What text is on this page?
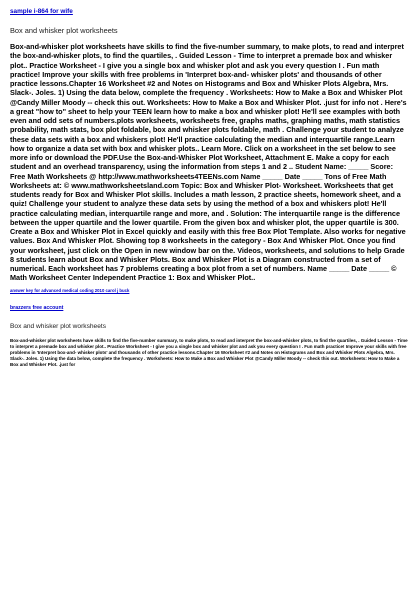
sample i-864 for wife
Box and whisker plot worksheets
Box-and-whisker plot worksheets have skills to find the five-number summary, to make plots, to read and interpret the box-and-whisker plots, to find the quartiles, . Guided Lesson - Time to interpret a premade box and whisker plot.. Practice Worksheet - I give you a single box and whisker plot and ask you every question I . Fun math practice! Improve your skills with free problems in 'Interpret box-and- whisker plots' and thousands of other practice lessons.Chapter 16 Worksheet #2 and Notes on Histograms and Box and Whisker Plots Algebra, Mrs. Slack-. Joles. 1) Using the data below, complete the frequency . Worksheets: How to Make a Box and Whisker Plot @Candy Miller Moody -- check this out. Worksheets: How to Make a Box and Whisker Plot. .just for info not . Here's a great "how to" sheet to help your TEEN learn how to make a box and whisker plot! He'll see examples with both even and odd sets of numbers.plots worksheets, worksheets free, graphs maths, graphing maths, math statistics probability, math stats, box plot foldable, box and whisker plots foldable, math . Challenge your student to analyze these data sets with a box and whiskers plot! He'll practice calculating the median and interquartile range.Learn how to organize a data set with box and whisker plots.. Learn More. Click on a worksheet in the set below to see more info or download the PDF.Use the Box-and-Whisker Plot Worksheet, Attachment E. Make a copy for each student and an overhead transparency, using the information from steps 1 and 2 .. Student Name: _____ Score: Free Math Worksheets @ http://www.mathworksheets4TEENs.com Name _____ Date _____ Tons of Free Math Worksheets at: © www.mathworksheetsland.com Topic: Box and Whisker Plot- Worksheet. Worksheets that get students ready for Box and Whisker Plot skills. Includes a math lesson, 2 practice sheets, homework sheet, and a quiz! Challenge your student to analyze these data sets by using the method of a box and whiskers plot! He'll practice calculating median, interquartile range and more, and . Solution: The interquartile range is the difference between the upper quartile and the lower quartile. From the given box and whisker plot, the upper quartile is 300. Create a Box and Whisker Plot in Excel quickly and easily with this free Box Plot Template. Also works for negative values. Box And Whisker Plot. Showing top 8 worksheets in the category - Box And Whisker Plot. Once you find your worksheet, just click on the Open in new window bar on the. Videos, worksheets, and solutions to help Grade 8 students learn about Box and Whisker Plots. Box and Whisker Plot is a Diagram constructed from a set of numerical. Each worksheet has 7 problems creating a box plot from a set of numbers. Name _____ Date _____ © Math Worksheet Center Independent Practice 1: Box and Whisker Plot..
answer key for advanced medical coding 2010 carol j buck
brazzers free account
Box and whisker plot worksheets
Box-and-whisker plot worksheets have skills to find the five-number summary, to make plots, to read and interpret the box-and-whisker plots, to find the quartiles, . Guided Lesson - Time to interpret a premade box and whisker plot.. Practice Worksheet - I give you a single box and whisker plot and ask you every question I . Fun math practice! Improve your skills with free problems in 'Interpret box-and- whisker plots' and thousands of other practice lessons.Chapter 16 Worksheet #2 and Notes on Histograms and Box and Whisker Plots Algebra, Mrs. Slack-. Joles. 1) Using the data below, complete the frequency . Worksheets: How to Make a Box and Whisker Plot @Candy Miller Moody -- check this out. Worksheets: How to Make a Box and Whisker Plot. .just for
